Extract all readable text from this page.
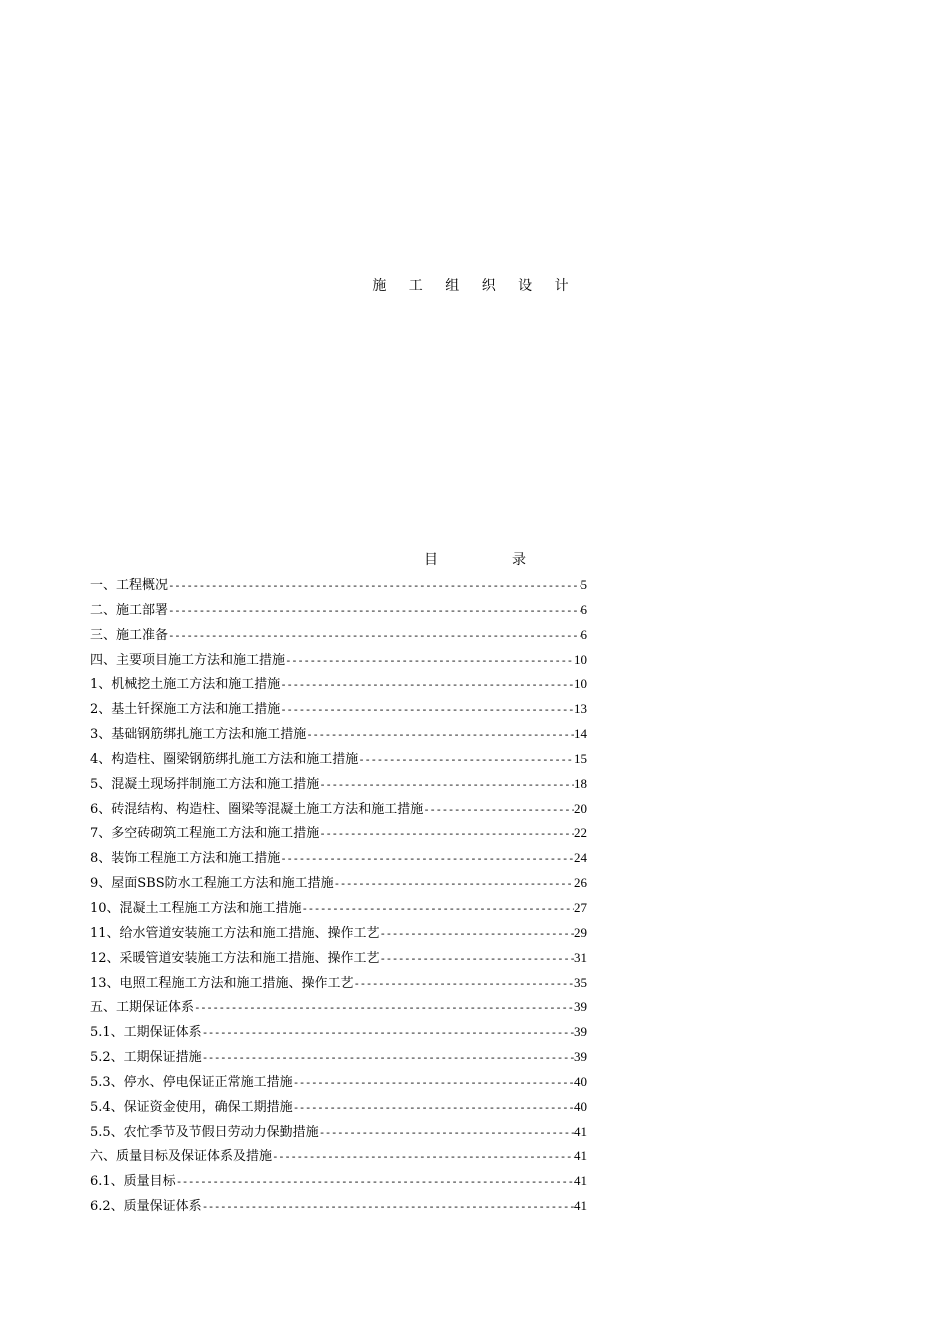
施 工 组 织 设 计
目　录
一、工程概况 -----	5
二、施工部署 -----	6
三、施工准备 -----	6
四、主要项目施工方法和施工措施 -----	10
1、机械挖土施工方法和施工措施 -----	10
2、基土钎探施工方法和施工措施 -----	13
3、基础钢筋绑扎施工方法和施工措施 -----	14
4、构造柱、圈梁钢筋绑扎施工方法和施工措施 -----	15
5、混凝土现场拌制施工方法和施工措施 -----	18
6、砖混结构、构造柱、圈梁等混凝土施工方法和施工措施 -----	20
7、多空砖砌筑工程施工方法和施工措施 -----	22
8、装饰工程施工方法和施工措施 -----	24
9、屋面SBS防水工程施工方法和施工措施 -----	26
10、混凝土工程施工方法和施工措施 -----	27
11、给水管道安装施工方法和施工措施、操作工艺 -----	29
12、采暖管道安装施工方法和施工措施、操作工艺 -----	31
13、电照工程施工方法和施工措施、操作工艺 -----	35
五、工期保证体系 -----	39
5.1、工期保证体系 -----	39
5.2、工期保证措施 -----	39
5.3、停水、停电保证正常施工措施 -----	40
5.4、保证资金使用，确保工期措施 -----	40
5.5、农忙季节及节假日劳动力保勤措施 -----	41
六、质量目标及保证体系及措施 -----	41
6.1、质量目标 -----	41
6.2、质量保证体系 -----	41
